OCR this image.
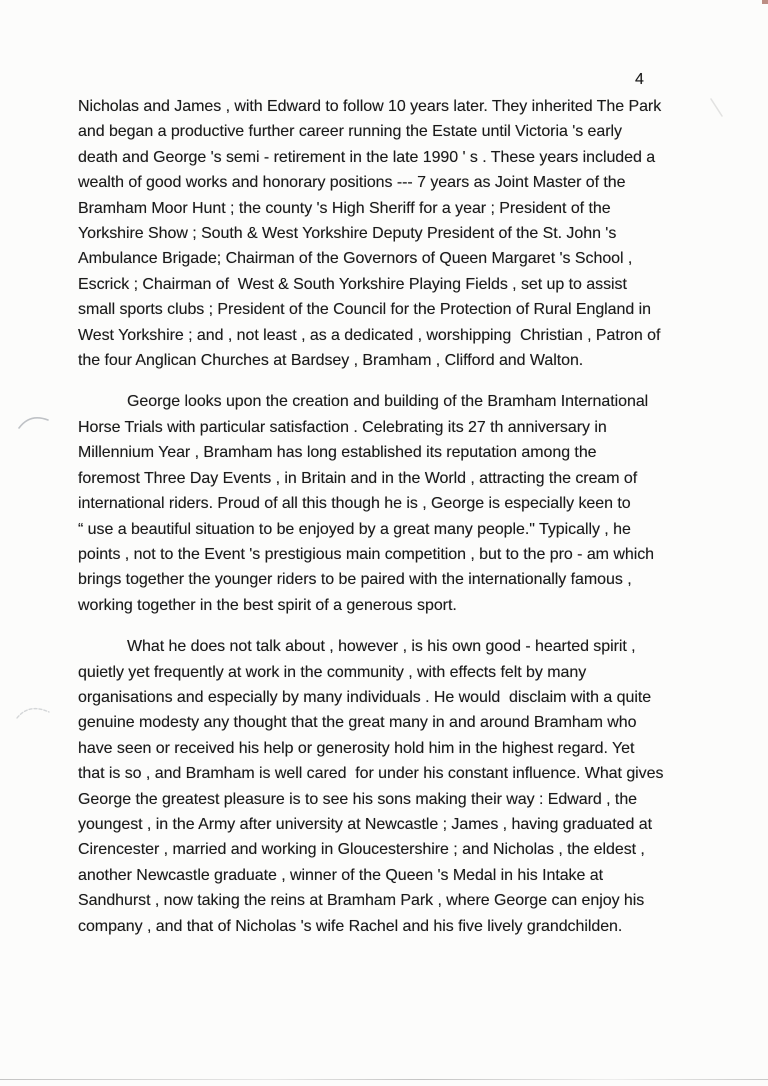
4
Nicholas and James , with Edward to follow 10 years later. They inherited The Park
and began a productive further career running the Estate until Victoria 's early
death and George 's semi - retirement in the late 1990 ' s . These years included a
wealth of good works and honorary positions --- 7 years as Joint Master of the
Bramham Moor Hunt ; the county 's High Sheriff for a year ; President of the
Yorkshire Show ; South & West Yorkshire Deputy President of the St. John 's
Ambulance Brigade; Chairman of the Governors of Queen Margaret 's School ,
Escrick ; Chairman of  West & South Yorkshire Playing Fields , set up to assist
small sports clubs ; President of the Council for the Protection of Rural England in
West Yorkshire ; and , not least , as a dedicated , worshipping  Christian , Patron of
the four Anglican Churches at Bardsey , Bramham , Clifford and Walton.
George looks upon the creation and building of the Bramham International
Horse Trials with particular satisfaction . Celebrating its 27 th anniversary in
Millennium Year , Bramham has long established its reputation among the
foremost Three Day Events , in Britain and in the World , attracting the cream of
international riders. Proud of all this though he is , George is especially keen to
“ use a beautiful situation to be enjoyed by a great many people." Typically , he
points , not to the Event 's prestigious main competition , but to the pro - am which
brings together the younger riders to be paired with the internationally famous ,
working together in the best spirit of a generous sport.
What he does not talk about , however , is his own good - hearted spirit ,
quietly yet frequently at work in the community , with effects felt by many
organisations and especially by many individuals . He would  disclaim with a quite
genuine modesty any thought that the great many in and around Bramham who
have seen or received his help or generosity hold him in the highest regard. Yet
that is so , and Bramham is well cared  for under his constant influence. What gives
George the greatest pleasure is to see his sons making their way : Edward , the
youngest , in the Army after university at Newcastle ; James , having graduated at
Cirencester , married and working in Gloucestershire ; and Nicholas , the eldest ,
another Newcastle graduate , winner of the Queen 's Medal in his Intake at
Sandhurst , now taking the reins at Bramham Park , where George can enjoy his
company , and that of Nicholas 's wife Rachel and his five lively grandchilden.
